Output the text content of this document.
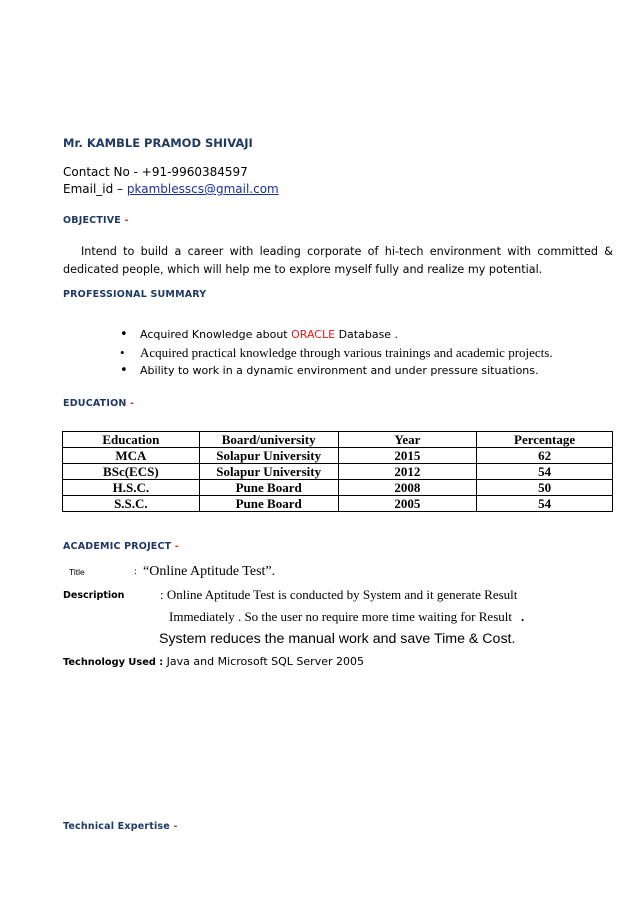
Mr. KAMBLE PRAMOD SHIVAJI
Contact No - +91-9960384597
Email_id – pkamblesscs@gmail.com
OBJECTIVE -
Intend to build a career with leading corporate of hi-tech environment with committed & dedicated people, which will help me to explore myself fully and realize my potential.
PROFESSIONAL SUMMARY
• Acquired Knowledge about ORACLE Database .
• Acquired practical knowledge through various trainings and academic projects.
• Ability to work in a dynamic environment and under pressure situations.
EDUCATION -
Education	Board/university	Year	Percentage
MCA	Solapur University	2015	62
BSc(ECS)	Solapur University	2012	54
H.S.C.	Pune Board	2008	50
S.S.C.	Pune Board	2005	54
ACADEMIC PROJECT -
Title	: “Online Aptitude Test”.
Description	: Online Aptitude Test is conducted by System and it generate Result
Immediately . So the user no require more time waiting for Result .
System reduces the manual work and save Time & Cost.
Technology Used : Java and Microsoft SQL Server 2005
Technical Expertise -
